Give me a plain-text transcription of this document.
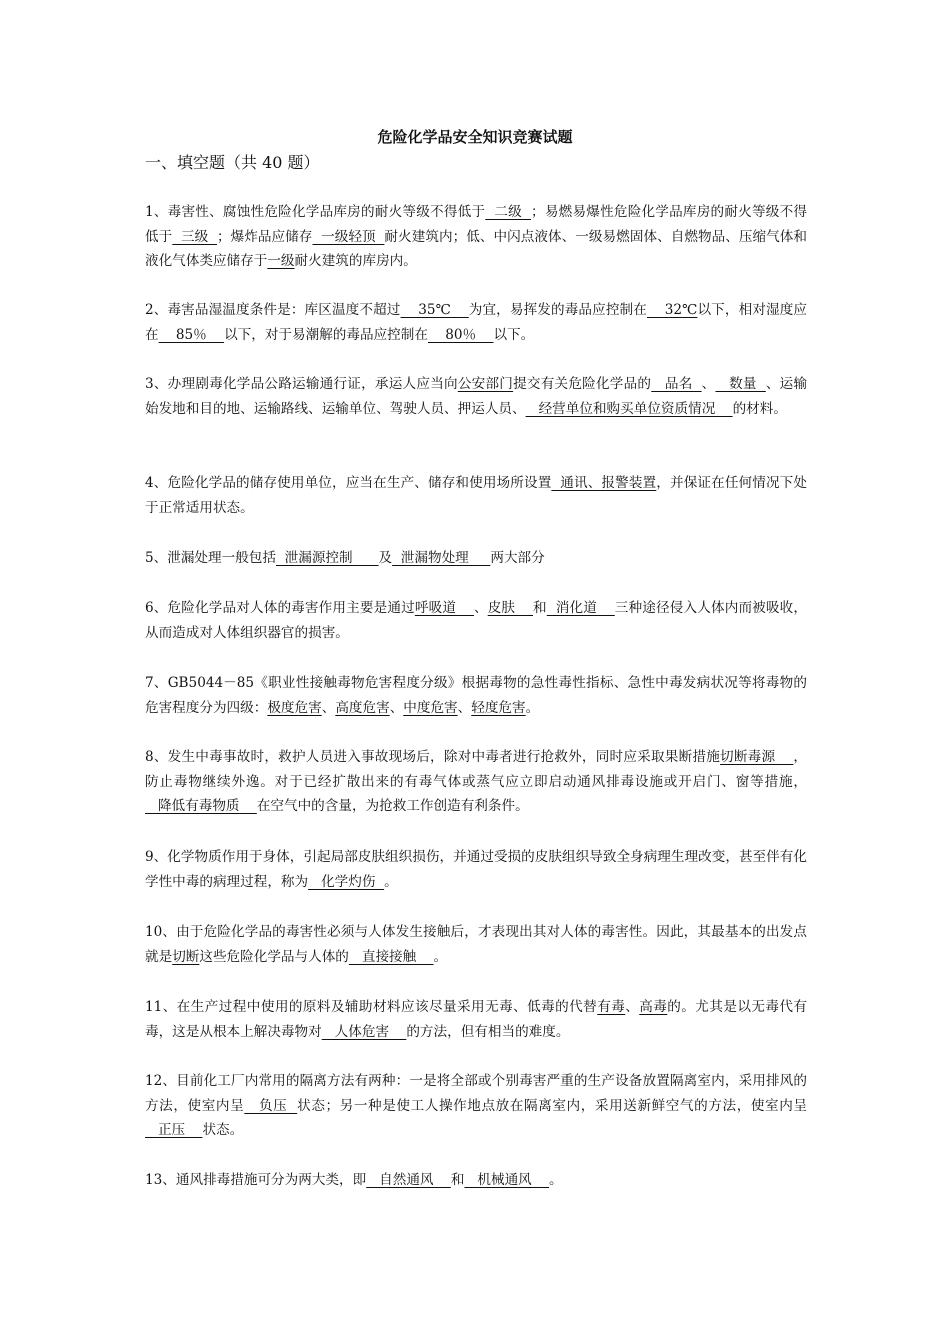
危险化学品安全知识竞赛试题
一、填空题（共 40 题）
1、毒害性、腐蚀性危险化学品库房的耐火等级不得低于  二级  ；易燃易爆性危险化学品库房的耐火等级不得低于  三级  ；爆炸品应储存  一级轻顶  耐火建筑内；低、中闪点液体、一级易燃固体、自燃物品、压缩气体和液化气体类应储存于一级耐火建筑的库房内。
2、毒害品湿温度条件是：库区温度不超过    35℃    为宜，易挥发的毒品应控制在    32℃以下，相对湿度应在    85％    以下，对于易潮解的毒品应控制在    80％    以下。
3、办理剧毒化学品公路运输通行证，承运人应当向公安部门提交有关危险化学品的   品名  、   数量  、运输始发地和目的地、运输路线、运输单位、驾驶人员、押运人员、   经营单位和购买单位资质情况    的材料。
4、危险化学品的储存使用单位，应当在生产、储存和使用场所设置  通讯、报警装置，并保证在任何情况下处于正常适用状态。
5、泄漏处理一般包括  泄漏源控制      及  泄漏物处理     两大部分
6、危险化学品对人体的毒害作用主要是通过呼吸道    、皮肤    和  消化道    三种途径侵入人体内而被吸收，从而造成对人体组织器官的损害。
7、GB5044－85《职业性接触毒物危害程度分级》根据毒物的急性毒性指标、急性中毒发病状况等将毒物的危害程度分为四级：极度危害、高度危害、中度危害、轻度危害。
8、发生中毒事故时，救护人员进入事故现场后，除对中毒者进行抢救外，同时应采取果断措施切断毒源    ，防止毒物继续外逸。对于已经扩散出来的有毒气体或蒸气应立即启动通风排毒设施或开启门、窗等措施，   降低有毒物质    在空气中的含量，为抢救工作创造有利条件。
9、化学物质作用于身体，引起局部皮肤组织损伤，并通过受损的皮肤组织导致全身病理生理改变，甚至伴有化学性中毒的病理过程，称为   化学灼伤  。
10、由于危险化学品的毒害性必须与人体发生接触后，才表现出其对人体的毒害性。因此，其最基本的出发点就是切断这些危险化学品与人体的   直接接触    。
11、在生产过程中使用的原料及辅助材料应该尽量采用无毒、低毒的代替有毒、高毒的。尤其是以无毒代有毒，这是从根本上解决毒物对   人体危害    的方法，但有相当的难度。
12、目前化工厂内常用的隔离方法有两种：一是将全部或个别毒害严重的生产设备放置隔离室内，采用排风的方法，使室内呈   负压  状态；另一种是使工人操作地点放在隔离室内，采用送新鲜空气的方法，使室内呈   正压    状态。
13、通风排毒措施可分为两大类，即   自然通风    和   机械通风    。
